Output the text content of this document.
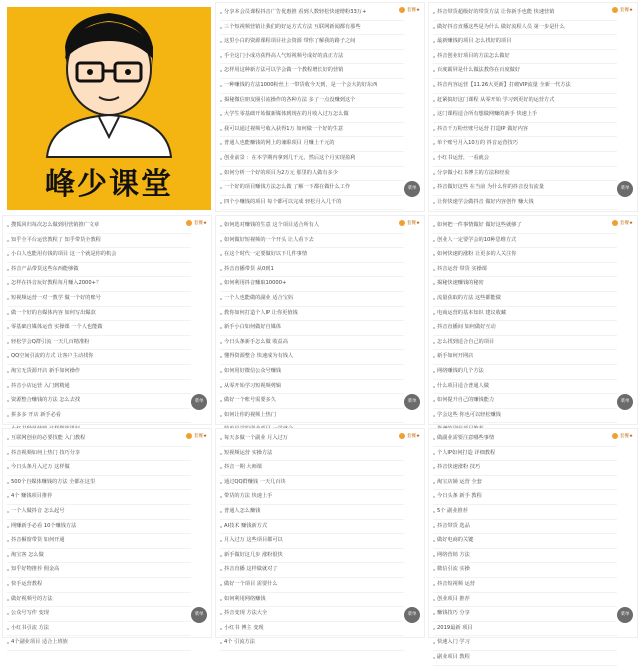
峰少课堂
套餐★
分享本会员课程抖音广告优惠推 看到人数轻松快速增粉33万+
三个短视频营销让我们的好运方式方法 互联网新闻都有那些
这里小白的资源课程项目社会资源 带你了解我的路子之间
手全这门小成功获得高人气短视频号成好的真正方法
怎样用这种新方法可以学会做一个教程增长好的营销
一种赚钱的方法1000粉丝上一带货收今天到，是一个会大的好东西
揭秘微信朋友圈引流操作的各种方法 多了一点没赚到这个
大学生零基础开始做新媒体到现在的月收入过万怎么做
我可以通过视频号收入获得1万 如何做一个好的生意
普通人也能赚钱的网上的兼职项目 月赚上千元的
创业前景 ：在本学期内拿到几千元，然后这个月实现盈利
如何分析一个好的项目为2万元 那里的人做有多少
一个好的项目赚钱方法怎么做 了解一下都在做什么工作
四个小赚钱的项目 每个都可以完成 轻松月入几千的
菜单
套餐★
抖音带货超级好的带货方法 让你新手也能 快速营销
做好抖音直播这些是为什么 做好流程人员 第一步是什么
最新赚钱的项目 怎么找好的项目
抖音创业好项目的方法怎么做好
百度霸屏是什么做法教你在百度做好
抖音内容运营【11.26大更新】打破VIP流量 全新一代方法
赶紧搞好这门课程 从零开始 学习到更好的运营方式
这门课程适合所有想做网赚的新手 快速上手
抖音千万粉丝账号运营 打造IP 做好内容
单个账号月入10万的 抖音运营技巧
小红书运营，一看就会
分享做小红书博主的方法和经验
抖音做好这些 在当前 为什么你的抖音没有流量
让你快速学会做抖音 做好内容创作 赚大钱
菜单
套餐★
搜狐回归每次怎么做到用营销推广文章
知乎全平台运营教程了 知乎带货全教程
小白人也能用有钱的项目 这一个就是你的机会
抖音产品带货这些东西能够做
怎样在抖音玩好教程每月赚入2000+？
短视频运营一对一教学 做一个好的账号
做一个好的自媒体内容 如何写出爆款
零基础自媒体运营 实操课 一个人也能做
轻松学会Q群引流 一天几百精准粉
QQ空间引流的方式 让客户主动找你
淘宝无货源开店 新手如何操作
抖音小店运营 入门到精通
资源整合赚钱的方法 怎么去找
拼多多 开店 新手必看
菜单
套餐★
如何选对赚钱的生意 这个项目适合所有人
如何做好短视频的一个开头 让人看下去
在这个时代一定要做好以下几件事情
抖音直播带货 从0到1
如何利用抖音赚取10000+
一个人也能做的副业 适合宝妈
教你如何打造个人IP 让你更值钱
新手小白如何做好自媒体
今日头条新手怎么做 收益高
懂得资源整合 快速成为有钱人
如何用好微信公众号赚钱
从零开始学习短视频剪辑
做好一个账号需要多久
如何让你的视频上热门
菜单
套餐★
如何把一件事情做好 做好这些就够了
创业人一定要学会的10种思维方式
如何快速的涨粉 让更多的人关注你
抖音运营 带货 实操课
揭秘快速赚钱的秘密
流量获取的方法 这些都能做
电商运营的基本知识 建议收藏
抖音直播间 如何做好互动
怎么找到适合自己的项目
新手如何开网店
网络赚钱的几个方法
什么项目适合普通人做
如何提升自己的赚钱能力
学会这些 你也可以轻松赚钱
菜单
套餐★
互联网创业的必要技能 入门教程
抖音视频如何上热门 技巧分享
今日头条月入过万 这样做
500个自媒体赚钱的方法 全都在这里
4个 赚钱项目推荐
一个人做抖音 怎么起号
网赚新手必看 10个赚钱方法
抖音橱窗带货 如何开通
淘宝客 怎么做
知乎好物推荐 佣金高
快手运营教程
做好视频号的方法
公众号写作 变现
小红书引流 方法
4个副业项目 适合上班族
菜单
套餐★
每天多做一个副业 月入过万
短视频运营 实操方法
抖音一期 大师课
通过QQ群赚钱 一天几百块
带货的方法 快速上手
普通人怎么赚钱
AI技术 赚钱新方式
月入过万 这些项目都可以
新手做好这几步 涨粉很快
抖音直播 这样做就对了
做好一个项目 需要什么
如何利用网络赚钱
抖音变现 方法大全
小红书 博主 变现
4个 引流方法
菜单
套餐★
做副业需要注意哪些事情
个人IP如何打造 详细教程
抖音快速涨粉 技巧
淘宝店铺 运营 全套
今日头条 新手 教程
5个 副业推荐
抖音带货 选品
做好电商的关键
网络营销 方法
微信引流 实操
抖音短视频 运营
创业项目 推荐
赚钱技巧 分享
2019最新 项目
快速入门 学习
副业项目 教程
菜单
